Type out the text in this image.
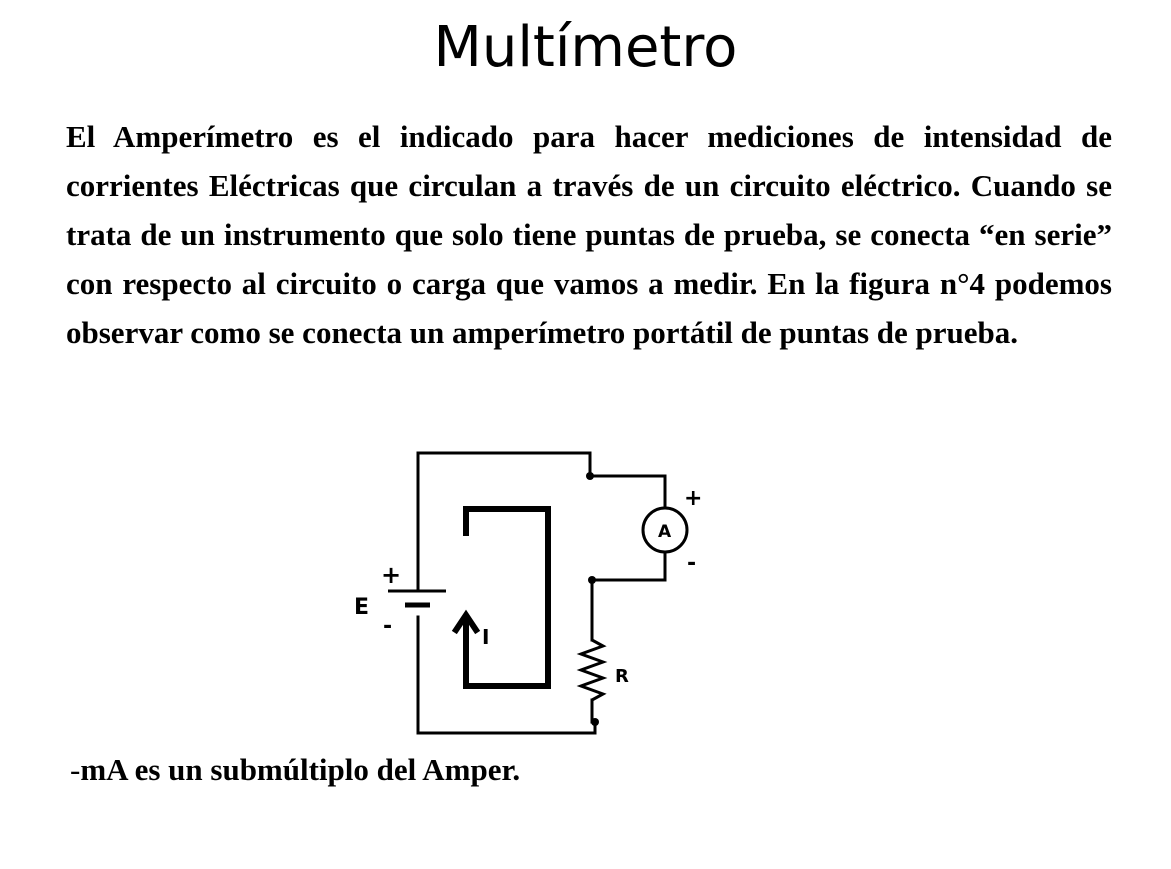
Multímetro

El Amperímetro es el indicado para hacer mediciones de intensidad de corrientes Eléctricas que circulan a través de un circuito eléctrico. Cuando se trata de un instrumento que solo tiene puntas de prueba, se conecta “en serie” con respecto al circuito o carga que vamos a medir. En la figura n°4 podemos observar como se conecta un amperímetro portátil de puntas de prueba.

+
E
-	I
A
+
-
R

-mA es un submúltiplo del Amper.
